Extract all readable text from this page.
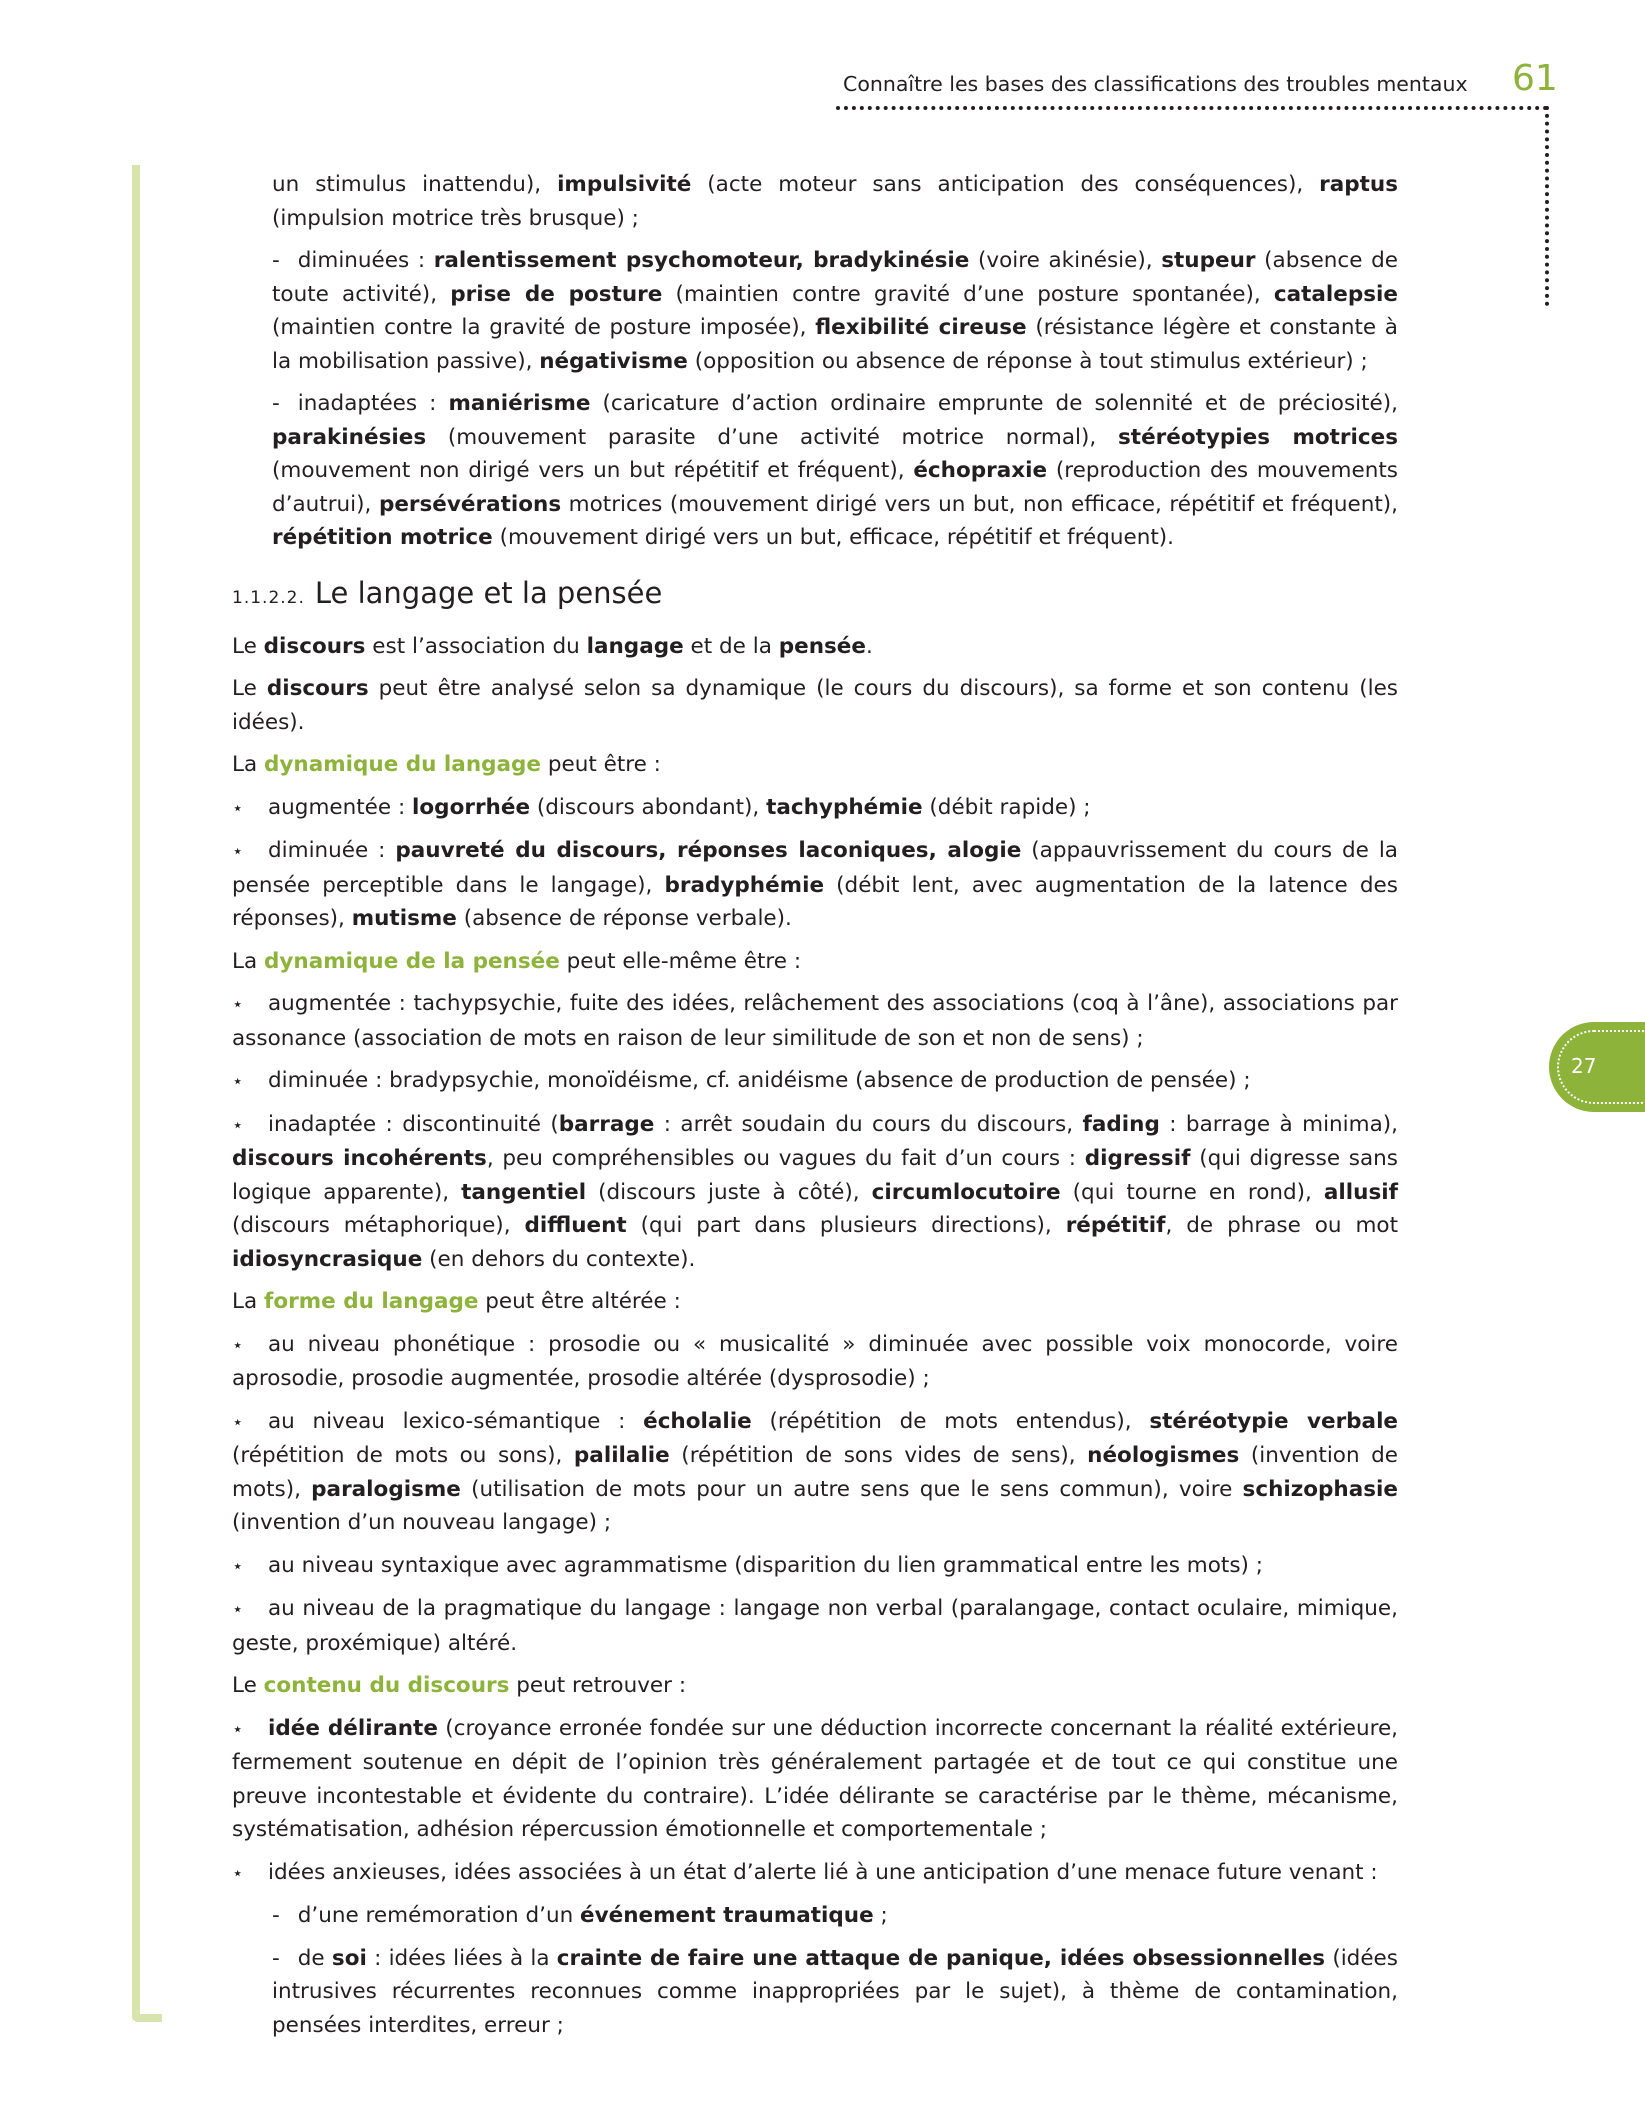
Connaître les bases des classifications des troubles mentaux 61
27

un stimulus inattendu), impulsivité (acte moteur sans anticipation des conséquences), raptus (impulsion motrice très brusque) ;

- diminuées : ralentissement psychomoteur, bradykinésie (voire akinésie), stupeur (absence de toute activité), prise de posture (maintien contre gravité d’une posture spontanée), catalepsie (maintien contre la gravité de posture imposée), flexibilité cireuse (résistance légère et constante à la mobilisation passive), négativisme (opposition ou absence de réponse à tout stimulus extérieur) ;

- inadaptées : maniérisme (caricature d’action ordinaire emprunte de solennité et de préciosité), parakinésies (mouvement parasite d’une activité motrice normal), stéréotypies motrices (mouvement non dirigé vers un but répétitif et fréquent), échopraxie (reproduction des mouvements d’autrui), persévérations motrices (mouvement dirigé vers un but, non efficace, répétitif et fréquent), répétition motrice (mouvement dirigé vers un but, efficace, répétitif et fréquent).

1.1.2.2. Le langage et la pensée

Le discours est l’association du langage et de la pensée.

Le discours peut être analysé selon sa dynamique (le cours du discours), sa forme et son contenu (les idées).

La dynamique du langage peut être :

⋆ augmentée : logorrhée (discours abondant), tachyphémie (débit rapide) ;

⋆ diminuée : pauvreté du discours, réponses laconiques, alogie (appauvrissement du cours de la pensée perceptible dans le langage), bradyphémie (débit lent, avec augmentation de la latence des réponses), mutisme (absence de réponse verbale).

La dynamique de la pensée peut elle-même être :

⋆ augmentée : tachypsychie, fuite des idées, relâchement des associations (coq à l’âne), associations par assonance (association de mots en raison de leur similitude de son et non de sens) ;

⋆ diminuée : bradypsychie, monoïdéisme, cf. anidéisme (absence de production de pensée) ;

⋆ inadaptée : discontinuité (barrage : arrêt soudain du cours du discours, fading : barrage à minima), discours incohérents, peu compréhensibles ou vagues du fait d’un cours : digressif (qui digresse sans logique apparente), tangentiel (discours juste à côté), circumlocutoire (qui tourne en rond), allusif (discours métaphorique), diffluent (qui part dans plusieurs directions), répétitif, de phrase ou mot idiosyncrasique (en dehors du contexte).

La forme du langage peut être altérée :

⋆ au niveau phonétique : prosodie ou « musicalité » diminuée avec possible voix monocorde, voire aprosodie, prosodie augmentée, prosodie altérée (dysprosodie) ;

⋆ au niveau lexico-sémantique : écholalie (répétition de mots entendus), stéréotypie verbale (répétition de mots ou sons), palilalie (répétition de sons vides de sens), néologismes (invention de mots), paralogisme (utilisation de mots pour un autre sens que le sens commun), voire schizophasie (invention d’un nouveau langage) ;

⋆ au niveau syntaxique avec agrammatisme (disparition du lien grammatical entre les mots) ;

⋆ au niveau de la pragmatique du langage : langage non verbal (paralangage, contact oculaire, mimique, geste, proxémique) altéré.

Le contenu du discours peut retrouver :

⋆ idée délirante (croyance erronée fondée sur une déduction incorrecte concernant la réalité extérieure, fermement soutenue en dépit de l’opinion très généralement partagée et de tout ce qui constitue une preuve incontestable et évidente du contraire). L’idée délirante se caractérise par le thème, mécanisme, systématisation, adhésion répercussion émotionnelle et comportementale ;

⋆ idées anxieuses, idées associées à un état d’alerte lié à une anticipation d’une menace future venant :

- d’une remémoration d’un événement traumatique ;

- de soi : idées liées à la crainte de faire une attaque de panique, idées obsessionnelles (idées intrusives récurrentes reconnues comme inappropriées par le sujet), à thème de contamination, pensées interdites, erreur ;
